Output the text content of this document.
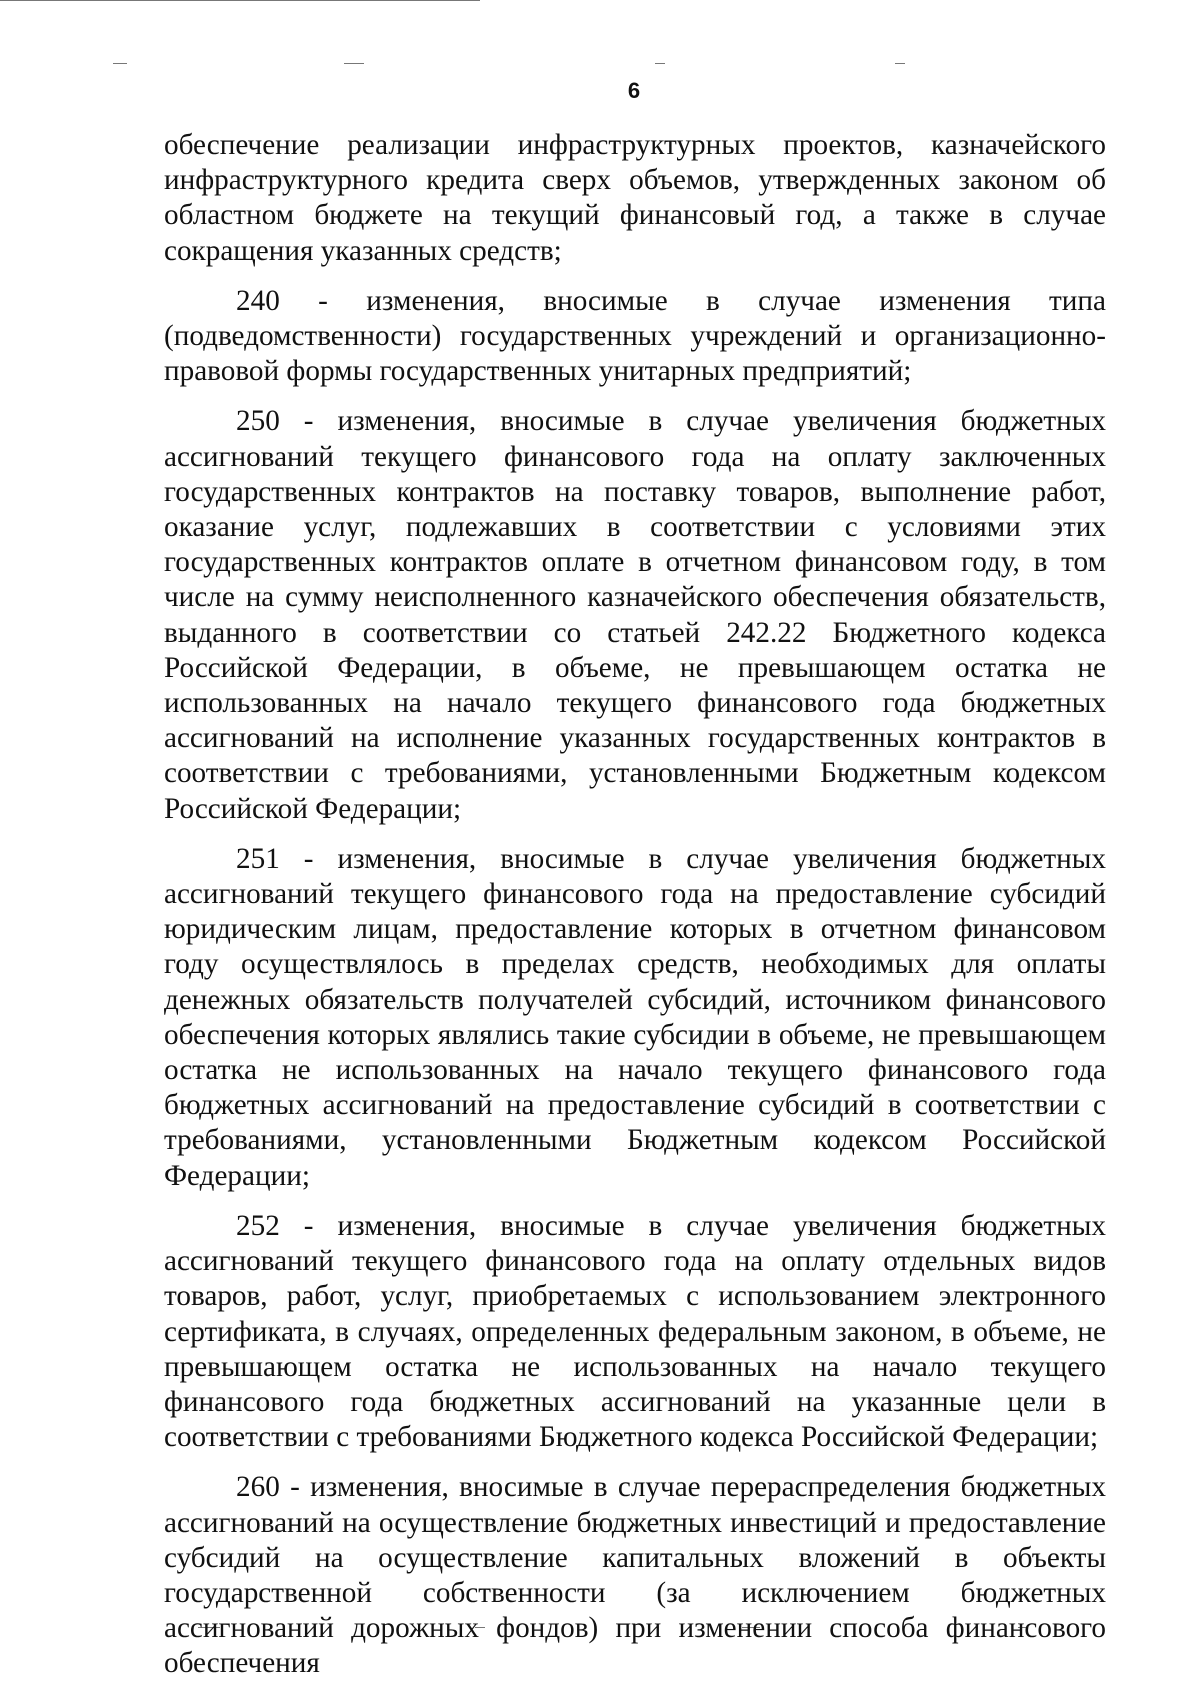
6

обеспечение реализации инфраструктурных проектов, казначейского инфраструктурного кредита сверх объемов, утвержденных законом об областном бюджете на текущий финансовый год, а также в случае сокращения указанных средств;

240 - изменения, вносимые в случае изменения типа (подведомственности) государственных учреждений и организационно-правовой формы государственных унитарных предприятий;

250 - изменения, вносимые в случае увеличения бюджетных ассигнований текущего финансового года на оплату заключенных государственных контрактов на поставку товаров, выполнение работ, оказание услуг, подлежавших в соответствии с условиями этих государственных контрактов оплате в отчетном финансовом году, в том числе на сумму неисполненного казначейского обеспечения обязательств, выданного в соответствии со статьей 242.22 Бюджетного кодекса Российской Федерации, в объеме, не превышающем остатка не использованных на начало текущего финансового года бюджетных ассигнований на исполнение указанных государственных контрактов в соответствии с требованиями, установленными Бюджетным кодексом Российской Федерации;

251 - изменения, вносимые в случае увеличения бюджетных ассигнований текущего финансового года на предоставление субсидий юридическим лицам, предоставление которых в отчетном финансовом году осуществлялось в пределах средств, необходимых для оплаты денежных обязательств получателей субсидий, источником финансового обеспечения которых являлись такие субсидии в объеме, не превышающем остатка не использованных на начало текущего финансового года бюджетных ассигнований на предоставление субсидий в соответствии с требованиями, установленными Бюджетным кодексом Российской Федерации;

252 - изменения, вносимые в случае увеличения бюджетных ассигнований текущего финансового года на оплату отдельных видов товаров, работ, услуг, приобретаемых с использованием электронного сертификата, в случаях, определенных федеральным законом, в объеме, не превышающем остатка не использованных на начало текущего финансового года бюджетных ассигнований на указанные цели в соответствии с требованиями Бюджетного кодекса Российской Федерации;

260 - изменения, вносимые в случае перераспределения бюджетных ассигнований на осуществление бюджетных инвестиций и предоставление субсидий на осуществление капитальных вложений в объекты государственной собственности (за исключением бюджетных ассигнований дорожных фондов) при изменении способа финансового обеспечения
